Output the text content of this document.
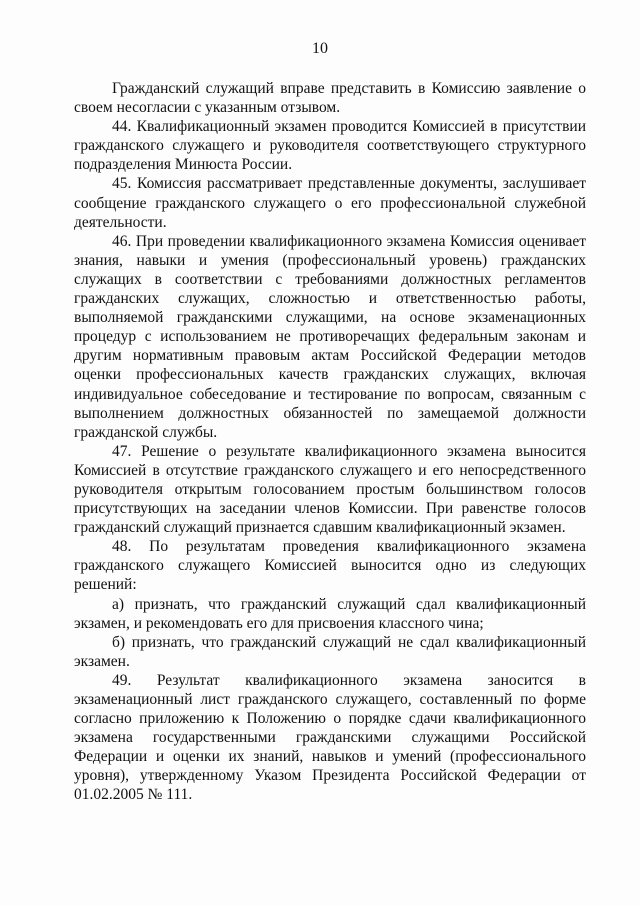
10

Гражданский служащий вправе представить в Комиссию заявление о своем несогласии с указанным отзывом.

44. Квалификационный экзамен проводится Комиссией в присутствии гражданского служащего и руководителя соответствующего структурного подразделения Минюста России.

45. Комиссия рассматривает представленные документы, заслушивает сообщение гражданского служащего о его профессиональной служебной деятельности.

46. При проведении квалификационного экзамена Комиссия оценивает знания, навыки и умения (профессиональный уровень) гражданских служащих в соответствии с требованиями должностных регламентов гражданских служащих, сложностью и ответственностью работы, выполняемой гражданскими служащими, на основе экзаменационных процедур с использованием не противоречащих федеральным законам и другим нормативным правовым актам Российской Федерации методов оценки профессиональных качеств гражданских служащих, включая индивидуальное собеседование и тестирование по вопросам, связанным с выполнением должностных обязанностей по замещаемой должности гражданской службы.

47. Решение о результате квалификационного экзамена выносится Комиссией в отсутствие гражданского служащего и его непосредственного руководителя открытым голосованием простым большинством голосов присутствующих на заседании членов Комиссии. При равенстве голосов гражданский служащий признается сдавшим квалификационный экзамен.

48. По результатам проведения квалификационного экзамена гражданского служащего Комиссией выносится одно из следующих решений:

а) признать, что гражданский служащий сдал квалификационный экзамен, и рекомендовать его для присвоения классного чина;

б) признать, что гражданский служащий не сдал квалификационный экзамен.

49. Результат квалификационного экзамена заносится в экзаменационный лист гражданского служащего, составленный по форме согласно приложению к Положению о порядке сдачи квалификационного экзамена государственными гражданскими служащими Российской Федерации и оценки их знаний, навыков и умений (профессионального уровня), утвержденному Указом Президента Российской Федерации от 01.02.2005 № 111.
